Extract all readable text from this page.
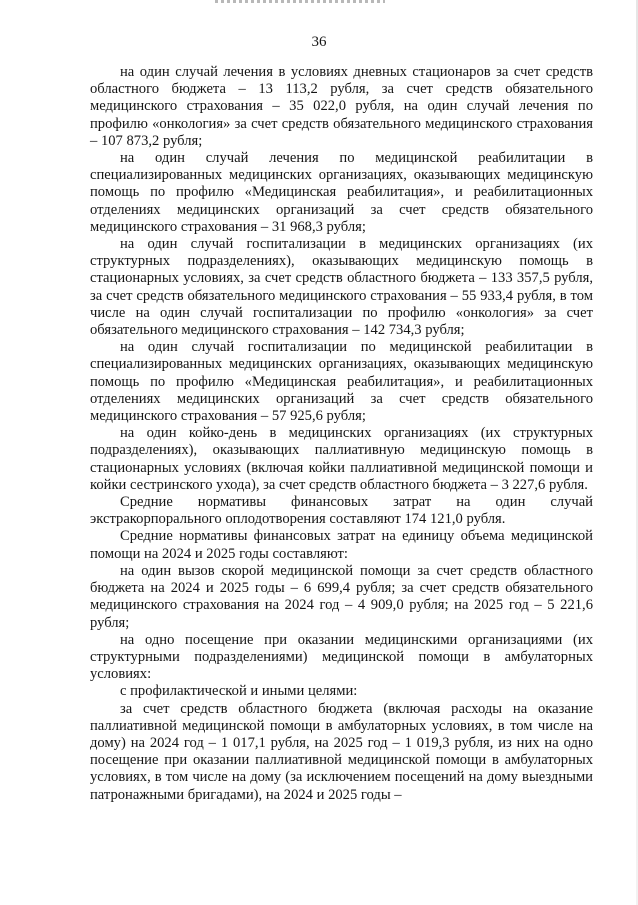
36

на один случай лечения в условиях дневных стационаров за счет средств областного бюджета – 13 113,2 рубля, за счет средств обязательного медицинского страхования – 35 022,0 рубля, на один случай лечения по профилю «онкология» за счет средств обязательного медицинского страхования – 107 873,2 рубля;

на один случай лечения по медицинской реабилитации в специализированных медицинских организациях, оказывающих медицинскую помощь по профилю «Медицинская реабилитация», и реабилитационных отделениях медицинских организаций за счет средств обязательного медицинского страхования – 31 968,3 рубля;

на один случай госпитализации в медицинских организациях (их структурных подразделениях), оказывающих медицинскую помощь в стационарных условиях, за счет средств областного бюджета – 133 357,5 рубля, за счет средств обязательного медицинского страхования – 55 933,4 рубля, в том числе на один случай госпитализации по профилю «онкология» за счет обязательного медицинского страхования – 142 734,3 рубля;

на один случай госпитализации по медицинской реабилитации в специализированных медицинских организациях, оказывающих медицинскую помощь по профилю «Медицинская реабилитация», и реабилитационных отделениях медицинских организаций за счет средств обязательного медицинского страхования – 57 925,6 рубля;

на один койко-день в медицинских организациях (их структурных подразделениях), оказывающих паллиативную медицинскую помощь в стационарных условиях (включая койки паллиативной медицинской помощи и койки сестринского ухода), за счет средств областного бюджета – 3 227,6 рубля.

Средние нормативы финансовых затрат на один случай экстракорпорального оплодотворения составляют 174 121,0 рубля.

Средние нормативы финансовых затрат на единицу объема медицинской помощи на 2024 и 2025 годы составляют:

на один вызов скорой медицинской помощи за счет средств областного бюджета на 2024 и 2025 годы – 6 699,4 рубля; за счет средств обязательного медицинского страхования на 2024 год – 4 909,0 рубля; на 2025 год – 5 221,6 рубля;

на одно посещение при оказании медицинскими организациями (их структурными подразделениями) медицинской помощи в амбулаторных условиях:

с профилактической и иными целями:

за счет средств областного бюджета (включая расходы на оказание паллиативной медицинской помощи в амбулаторных условиях, в том числе на дому) на 2024 год – 1 017,1 рубля, на 2025 год – 1 019,3 рубля, из них на одно посещение при оказании паллиативной медицинской помощи в амбулаторных условиях, в том числе на дому (за исключением посещений на дому выездными патронажными бригадами), на 2024 и 2025 годы –
